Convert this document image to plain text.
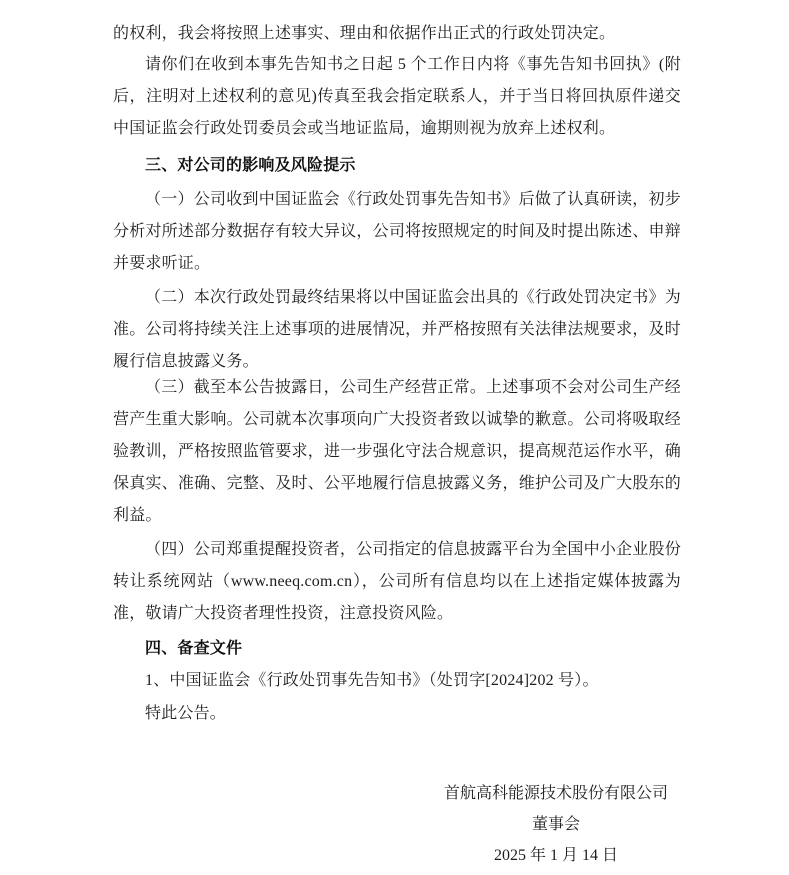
的权利，我会将按照上述事实、理由和依据作出正式的行政处罚决定。

请你们在收到本事先告知书之日起 5 个工作日内将《事先告知书回执》(附后，注明对上述权利的意见)传真至我会指定联系人，并于当日将回执原件递交中国证监会行政处罚委员会或当地证监局，逾期则视为放弃上述权利。

三、对公司的影响及风险提示

（一）公司收到中国证监会《行政处罚事先告知书》后做了认真研读，初步分析对所述部分数据存有较大异议，公司将按照规定的时间及时提出陈述、申辩并要求听证。

（二）本次行政处罚最终结果将以中国证监会出具的《行政处罚决定书》为准。公司将持续关注上述事项的进展情况，并严格按照有关法律法规要求，及时履行信息披露义务。

（三）截至本公告披露日，公司生产经营正常。上述事项不会对公司生产经营产生重大影响。公司就本次事项向广大投资者致以诚挚的歉意。公司将吸取经验教训，严格按照监管要求，进一步强化守法合规意识，提高规范运作水平，确保真实、准确、完整、及时、公平地履行信息披露义务，维护公司及广大股东的利益。

（四）公司郑重提醒投资者，公司指定的信息披露平台为全国中小企业股份转让系统网站（www.neeq.com.cn），公司所有信息均以在上述指定媒体披露为准，敬请广大投资者理性投资，注意投资风险。

四、备查文件

1、中国证监会《行政处罚事先告知书》（处罚字[2024]202 号）。

特此公告。

首航高科能源技术股份有限公司
董事会
2025 年 1 月 14 日
